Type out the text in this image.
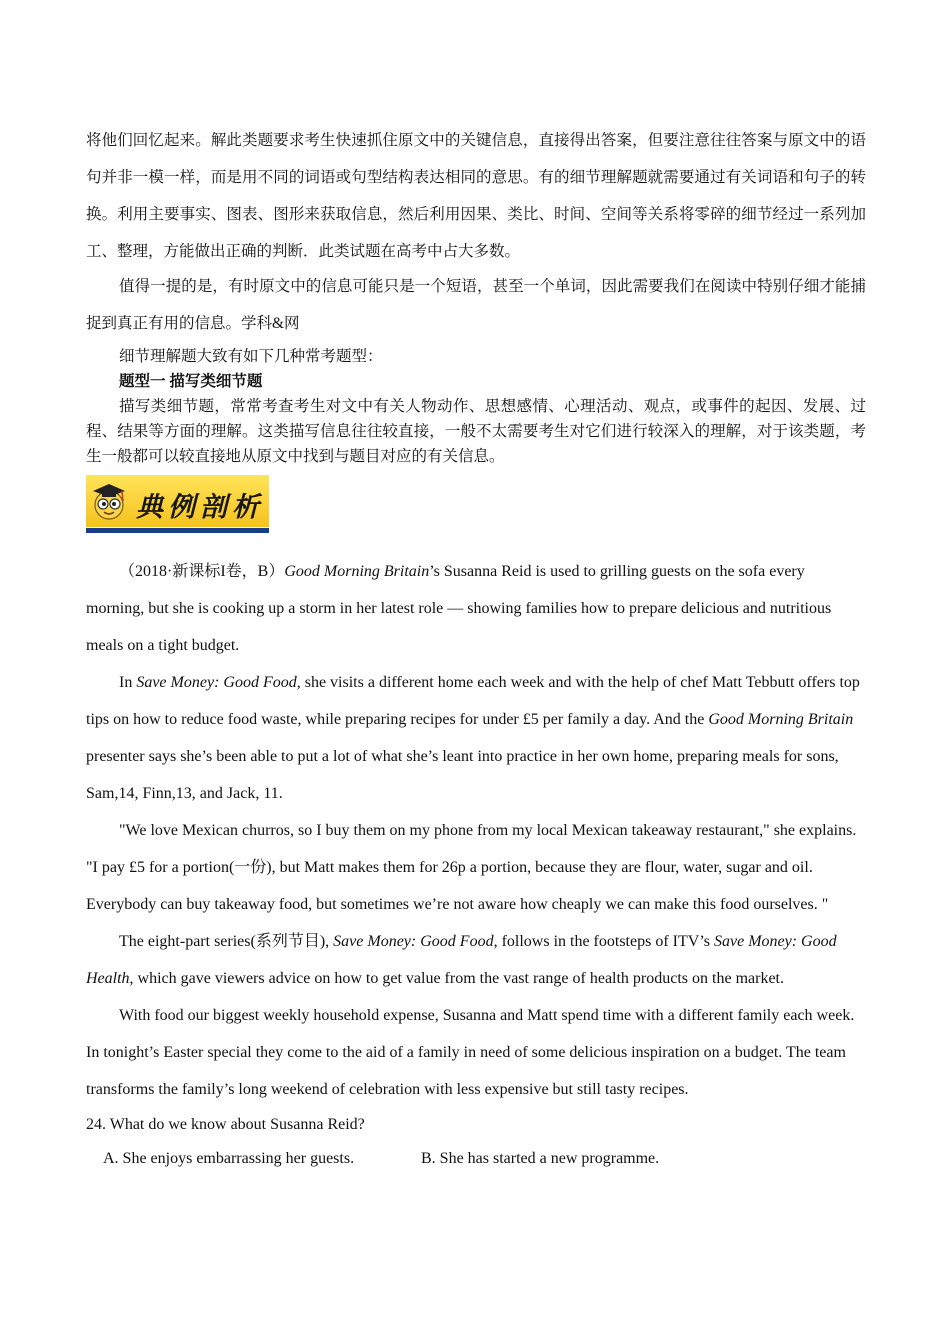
将他们回忆起来。解此类题要求考生快速抓住原文中的关键信息，直接得出答案，但要注意往往答案与原文中的语句并非一模一样，而是用不同的词语或句型结构表达相同的意思。有的细节理解题就需要通过有关词语和句子的转换。利用主要事实、图表、图形来获取信息，然后利用因果、类比、时间、空间等关系将零碎的细节经过一系列加工、整理，方能做出正确的判断．此类试题在高考中占大多数。

值得一提的是，有时原文中的信息可能只是一个短语，甚至一个单词，因此需要我们在阅读中特别仔细才能捕捉到真正有用的信息。学科&网

细节理解题大致有如下几种常考题型：

题型一 描写类细节题

描写类细节题，常常考查考生对文中有关人物动作、思想感情、心理活动、观点，或事件的起因、发展、过程、结果等方面的理解。这类描写信息往往较直接，一般不太需要考生对它们进行较深入的理解，对于该类题，考生一般都可以较直接地从原文中找到与题目对应的有关信息。

典例剖析

（2018·新课标I卷，B）Good Morning Britain’s Susanna Reid is used to grilling guests on the sofa every morning, but she is cooking up a storm in her latest role — showing families how to prepare delicious and nutritious meals on a tight budget.

In Save Money: Good Food, she visits a different home each week and with the help of chef Matt Tebbutt offers top tips on how to reduce food waste, while preparing recipes for under £5 per family a day. And the Good Morning Britain presenter says she’s been able to put a lot of what she’s leant into practice in her own home, preparing meals for sons, Sam,14, Finn,13, and Jack, 11.

"We love Mexican churros, so I buy them on my phone from my local Mexican takeaway restaurant," she explains. "I pay £5 for a portion(一份), but Matt makes them for 26p a portion, because they are flour, water, sugar and oil. Everybody can buy takeaway food, but sometimes we’re not aware how cheaply we can make this food ourselves. "

The eight-part series(系列节目), Save Money: Good Food, follows in the footsteps of ITV’s Save Money: Good Health, which gave viewers advice on how to get value from the vast range of health products on the market.

With food our biggest weekly household expense, Susanna and Matt spend time with a different family each week. In tonight’s Easter special they come to the aid of a family in need of some delicious inspiration on a budget. The team transforms the family’s long weekend of celebration with less expensive but still tasty recipes.

24. What do we know about Susanna Reid?

A. She enjoys embarrassing her guests.	B. She has started a new programme.
